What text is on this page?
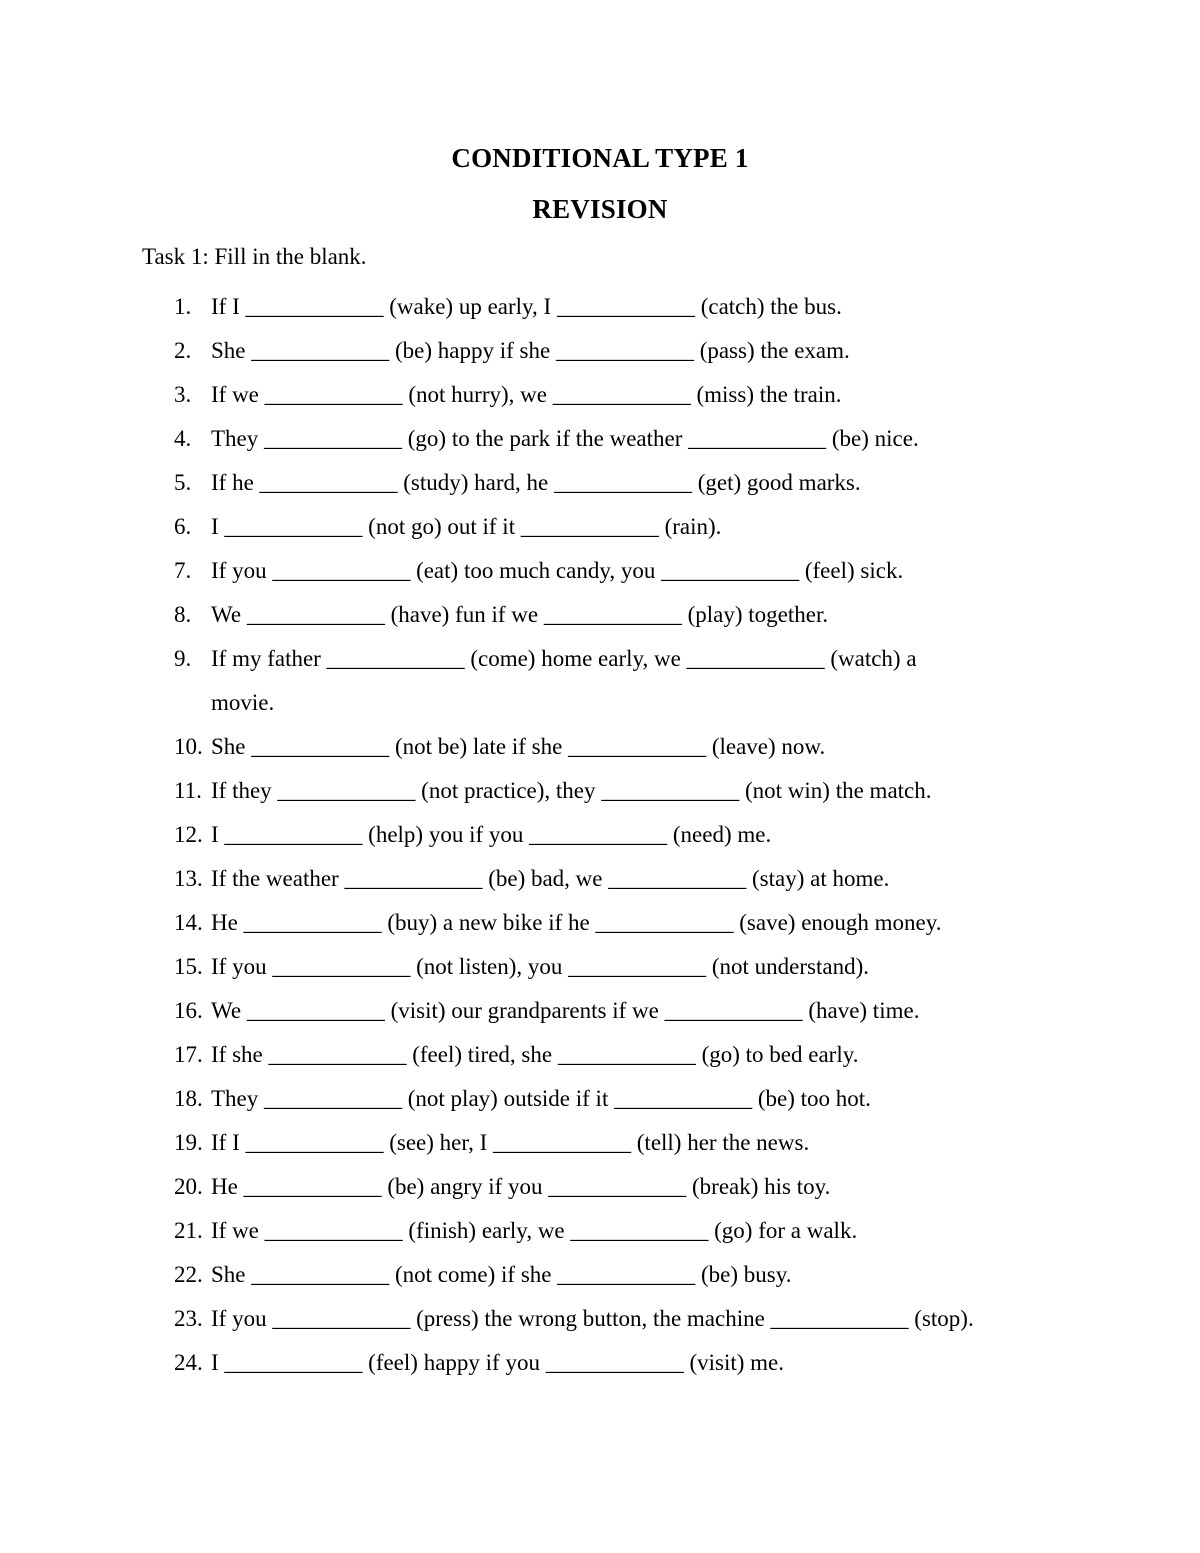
CONDITIONAL TYPE 1
REVISION
Task 1: Fill in the blank.
1. If I ____________ (wake) up early, I ____________ (catch) the bus.
2. She ____________ (be) happy if she ____________ (pass) the exam.
3. If we ____________ (not hurry), we ____________ (miss) the train.
4. They ____________ (go) to the park if the weather ____________ (be) nice.
5. If he ____________ (study) hard, he ____________ (get) good marks.
6. I ____________ (not go) out if it ____________ (rain).
7. If you ____________ (eat) too much candy, you ____________ (feel) sick.
8. We ____________ (have) fun if we ____________ (play) together.
9. If my father ____________ (come) home early, we ____________ (watch) a
movie.
10. She ____________ (not be) late if she ____________ (leave) now.
11. If they ____________ (not practice), they ____________ (not win) the match.
12. I ____________ (help) you if you ____________ (need) me.
13. If the weather ____________ (be) bad, we ____________ (stay) at home.
14. He ____________ (buy) a new bike if he ____________ (save) enough money.
15. If you ____________ (not listen), you ____________ (not understand).
16. We ____________ (visit) our grandparents if we ____________ (have) time.
17. If she ____________ (feel) tired, she ____________ (go) to bed early.
18. They ____________ (not play) outside if it ____________ (be) too hot.
19. If I ____________ (see) her, I ____________ (tell) her the news.
20. He ____________ (be) angry if you ____________ (break) his toy.
21. If we ____________ (finish) early, we ____________ (go) for a walk.
22. She ____________ (not come) if she ____________ (be) busy.
23. If you ____________ (press) the wrong button, the machine ____________ (stop).
24. I ____________ (feel) happy if you ____________ (visit) me.
